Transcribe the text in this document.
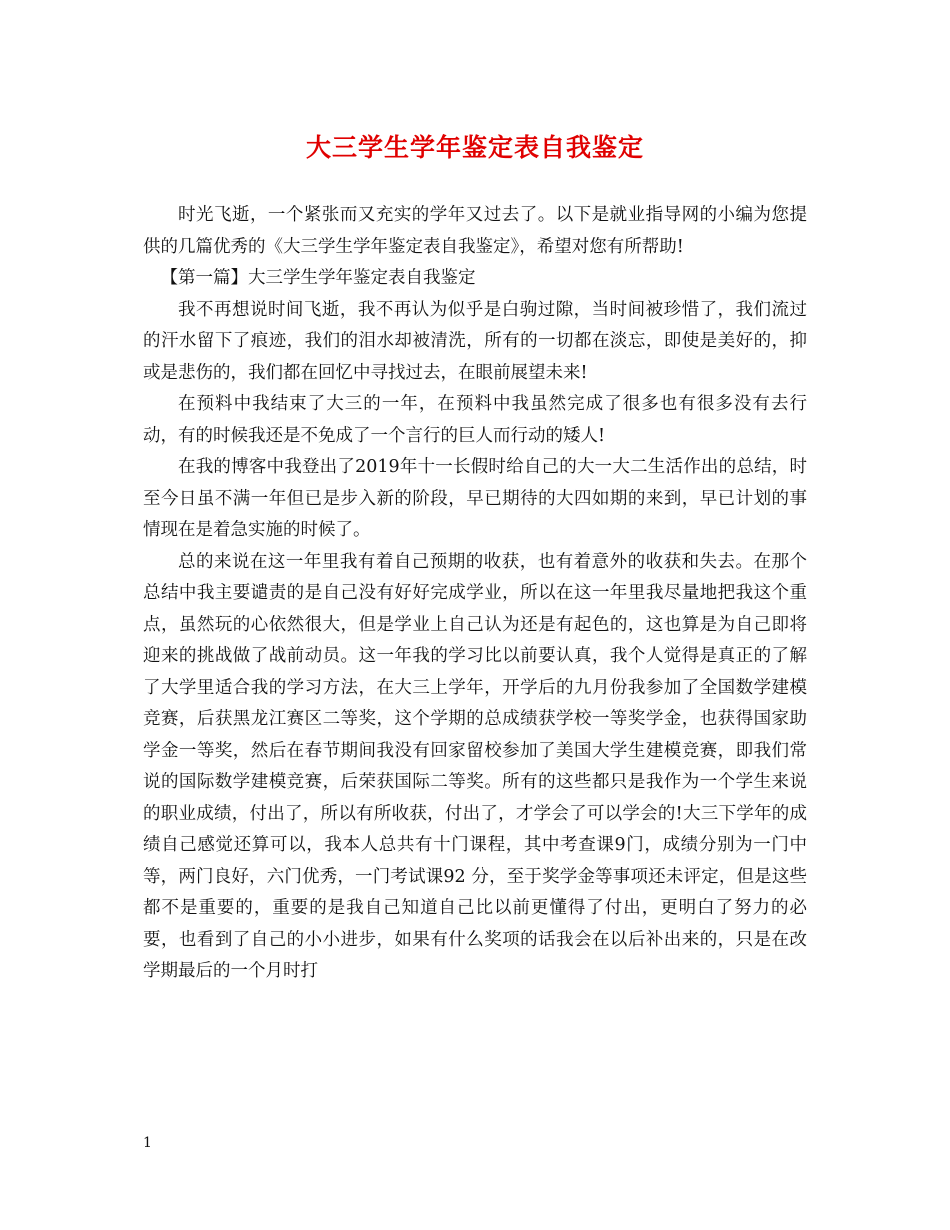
大三学生学年鉴定表自我鉴定

时光飞逝，一个紧张而又充实的学年又过去了。以下是就业指导网的小编为您提供的几篇优秀的《大三学生学年鉴定表自我鉴定》，希望对您有所帮助!

【第一篇】大三学生学年鉴定表自我鉴定

我不再想说时间飞逝，我不再认为似乎是白驹过隙，当时间被珍惜了，我们流过的汗水留下了痕迹，我们的泪水却被清洗，所有的一切都在淡忘，即使是美好的，抑或是悲伤的，我们都在回忆中寻找过去，在眼前展望未来!

在预料中我结束了大三的一年，在预料中我虽然完成了很多也有很多没有去行动，有的时候我还是不免成了一个言行的巨人而行动的矮人!

在我的博客中我登出了2019年十一长假时给自己的大一大二生活作出的总结，时至今日虽不满一年但已是步入新的阶段，早已期待的大四如期的来到，早已计划的事情现在是着急实施的时候了。

总的来说在这一年里我有着自己预期的收获，也有着意外的收获和失去。在那个总结中我主要谴责的是自己没有好好完成学业，所以在这一年里我尽量地把我这个重点，虽然玩的心依然很大，但是学业上自己认为还是有起色的，这也算是为自己即将迎来的挑战做了战前动员。这一年我的学习比以前要认真，我个人觉得是真正的了解了大学里适合我的学习方法，在大三上学年，开学后的九月份我参加了全国数学建模竞赛，后获黑龙江赛区二等奖，这个学期的总成绩获学校一等奖学金，也获得国家助学金一等奖，然后在春节期间我没有回家留校参加了美国大学生建模竞赛，即我们常说的国际数学建模竞赛，后荣获国际二等奖。所有的这些都只是我作为一个学生来说的职业成绩，付出了，所以有所收获，付出了，才学会了可以学会的!大三下学年的成绩自己感觉还算可以，我本人总共有十门课程，其中考查课9门，成绩分别为一门中等，两门良好，六门优秀，一门考试课92 分，至于奖学金等事项还未评定，但是这些都不是重要的，重要的是我自己知道自己比以前更懂得了付出，更明白了努力的必要，也看到了自己的小小进步，如果有什么奖项的话我会在以后补出来的，只是在改学期最后的一个月时打

1
